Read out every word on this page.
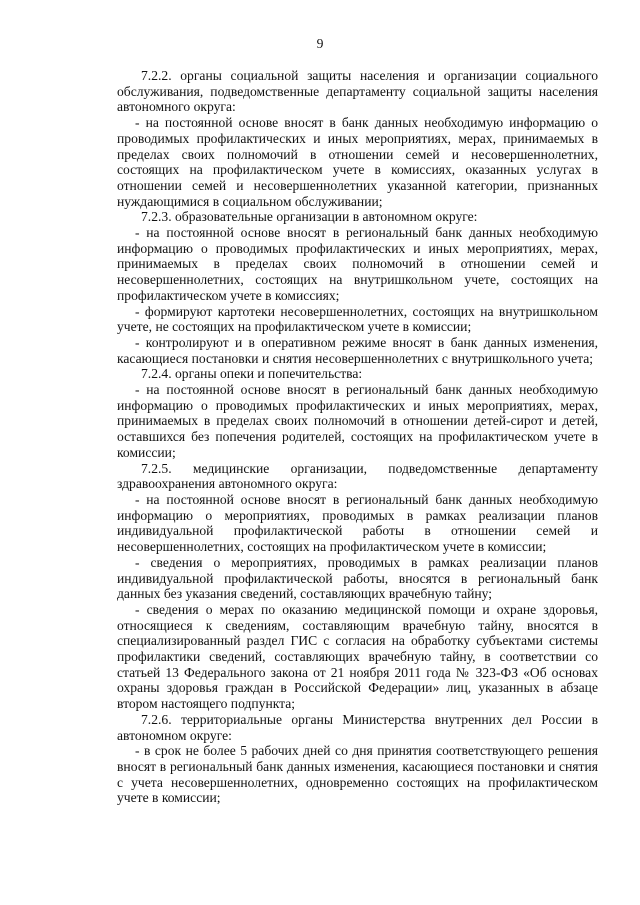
9

7.2.2. органы социальной защиты населения и организации социального обслуживания, подведомственные департаменту социальной защиты населения автономного округа:

- на постоянной основе вносят в банк данных необходимую информацию о проводимых профилактических и иных мероприятиях, мерах, принимаемых в пределах своих полномочий в отношении семей и несовершеннолетних, состоящих на профилактическом учете в комиссиях, оказанных услугах в отношении семей и несовершеннолетних указанной категории, признанных нуждающимися в социальном обслуживании;

7.2.3. образовательные организации в автономном округе:

- на постоянной основе вносят в региональный банк данных необходимую информацию о проводимых профилактических и иных мероприятиях, мерах, принимаемых в пределах своих полномочий в отношении семей и несовершеннолетних, состоящих на внутришкольном учете, состоящих на профилактическом учете в комиссиях;

- формируют картотеки несовершеннолетних, состоящих на внутришкольном учете, не состоящих на профилактическом учете в комиссии;

- контролируют и в оперативном режиме вносят в банк данных изменения, касающиеся постановки и снятия несовершеннолетних с внутришкольного учета;

7.2.4. органы опеки и попечительства:

- на постоянной основе вносят в региональный банк данных необходимую информацию о проводимых профилактических и иных мероприятиях, мерах, принимаемых в пределах своих полномочий в отношении детей-сирот и детей, оставшихся без попечения родителей, состоящих на профилактическом учете в комиссии;

7.2.5. медицинские организации, подведомственные департаменту здравоохранения автономного округа:

- на постоянной основе вносят в региональный банк данных необходимую информацию о мероприятиях, проводимых в рамках реализации планов индивидуальной профилактической работы в отношении семей и несовершеннолетних, состоящих на профилактическом учете в комиссии;

- сведения о мероприятиях, проводимых в рамках реализации планов индивидуальной профилактической работы, вносятся в региональный банк данных без указания сведений, составляющих врачебную тайну;

- сведения о мерах по оказанию медицинской помощи и охране здоровья, относящиеся к сведениям, составляющим врачебную тайну, вносятся в специализированный раздел ГИС с согласия на обработку субъектами системы профилактики сведений, составляющих врачебную тайну, в соответствии со статьей 13 Федерального закона от 21 ноября 2011 года № 323-ФЗ «Об основах охраны здоровья граждан в Российской Федерации» лиц, указанных в абзаце втором настоящего подпункта;

7.2.6. территориальные органы Министерства внутренних дел России в автономном округе:

- в срок не более 5 рабочих дней со дня принятия соответствующего решения вносят в региональный банк данных изменения, касающиеся постановки и снятия с учета несовершеннолетних, одновременно состоящих на профилактическом учете в комиссии;
